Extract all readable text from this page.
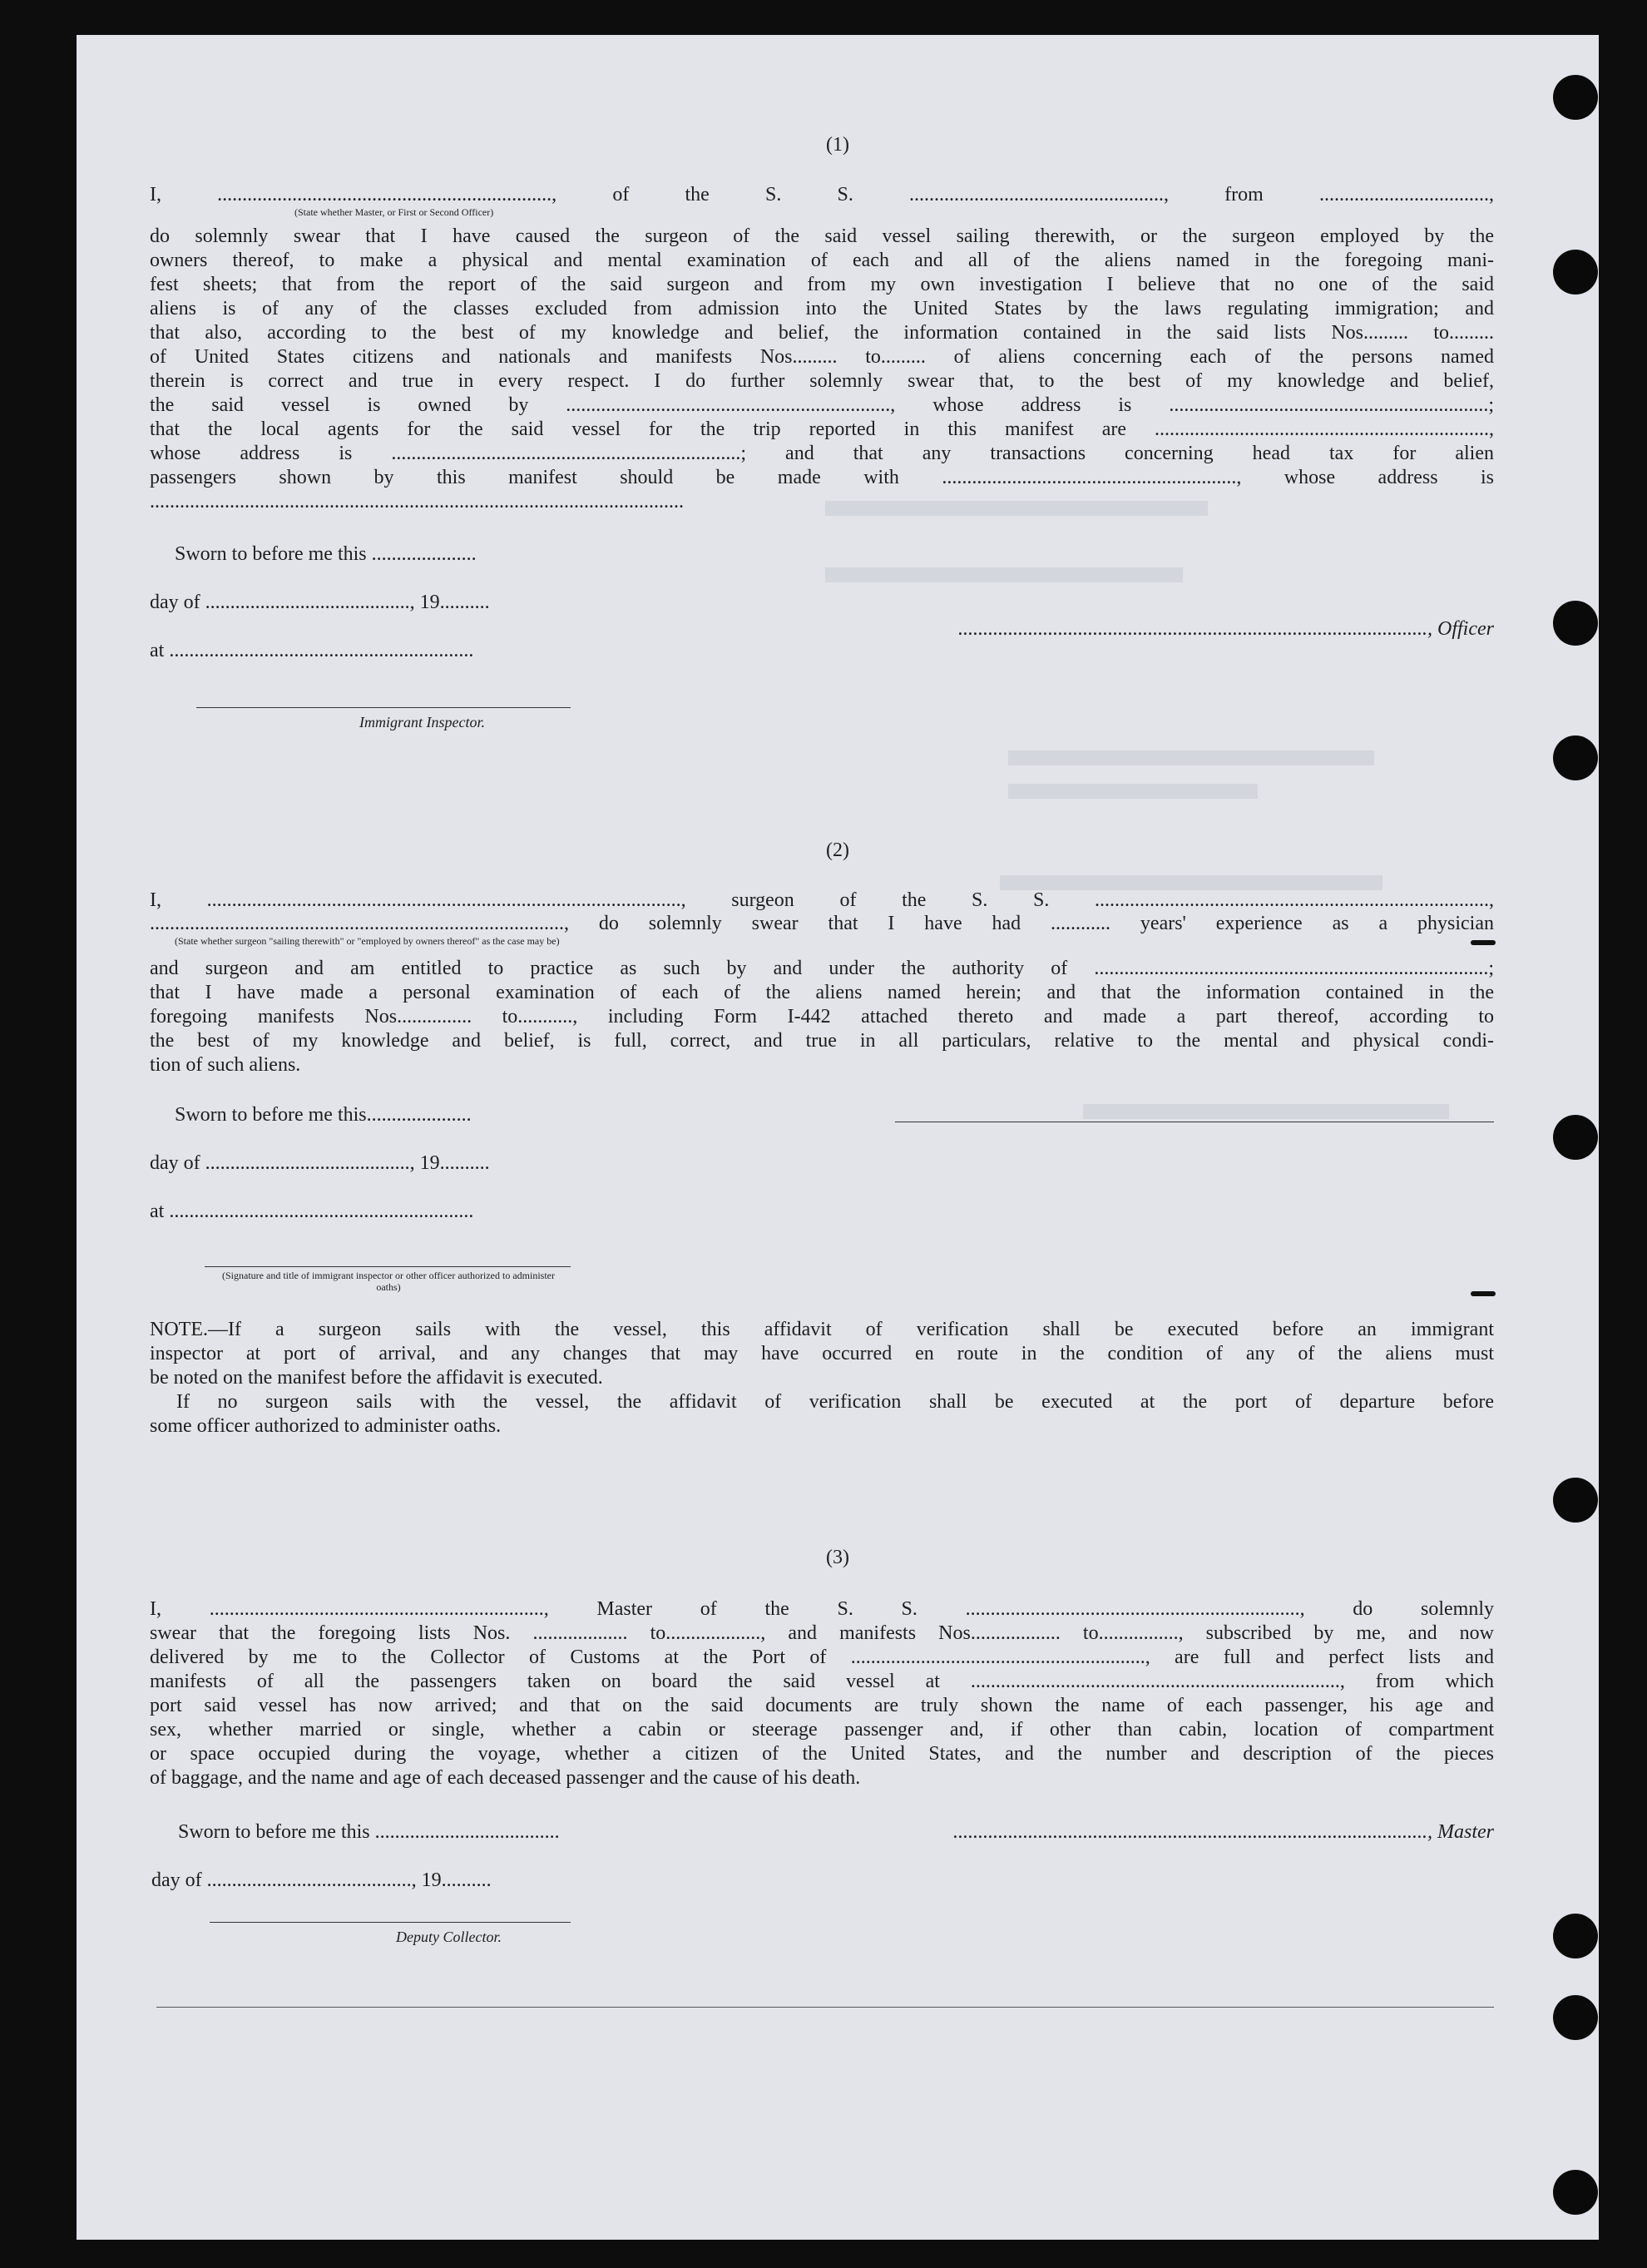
(1)
I, ..................................................................., of the S. S. ..................................................., from ..................................,
(State whether Master, or First or Second Officer)
do solemnly swear that I have caused the surgeon of the said vessel sailing therewith, or the surgeon employed by the
owners thereof, to make a physical and mental examination of each and all of the aliens named in the foregoing mani-
fest sheets; that from the report of the said surgeon and from my own investigation I believe that no one of the said
aliens is of any of the classes excluded from admission into the United States by the laws regulating immigration; and
that also, according to the best of my knowledge and belief, the information contained in the said lists Nos......... to.........
of United States citizens and nationals and manifests Nos......... to......... of aliens concerning each of the persons named
therein is correct and true in every respect. I do further solemnly swear that, to the best of my knowledge and belief,
the said vessel is owned by ................................................................., whose address is ................................................................;
that the local agents for the said vessel for the trip reported in this manifest are ...................................................................,
whose address is ......................................................................; and that any transactions concerning head tax for alien
passengers shown by this manifest should be made with ..........................................................., whose address is
...........................................................................................................
Sworn to before me this .....................
day of ........................................., 19..........
at .............................................................
.............................................................................................., Officer
Immigrant Inspector.
(2)
I, ..............................................................................................., surgeon of the S. S. ...............................................................................,
..................................................................................., do solemnly swear that I have had ............ years' experience as a physician
(State whether surgeon "sailing therewith" or "employed by owners thereof" as the case may be)
and surgeon and am entitled to practice as such by and under the authority of ...............................................................................;
that I have made a personal examination of each of the aliens named herein; and that the information contained in the
foregoing manifests Nos............... to..........., including Form I-442 attached thereto and made a part thereof, according to
the best of my knowledge and belief, is full, correct, and true in all particulars, relative to the mental and physical condi-
tion of such aliens.
Sworn to before me this.....................
day of ........................................., 19..........
at .............................................................
(Signature and title of immigrant inspector or other officer authorized to administer oaths)
NOTE.—If a surgeon sails with the vessel, this affidavit of verification shall be executed before an immigrant
inspector at port of arrival, and any changes that may have occurred en route in the condition of any of the aliens must
be noted on the manifest before the affidavit is executed.
If no surgeon sails with the vessel, the affidavit of verification shall be executed at the port of departure before
some officer authorized to administer oaths.
(3)
I, ..................................................................., Master of the S. S. ..................................................................., do solemnly
swear that the foregoing lists Nos. ................... to..................., and manifests Nos.................. to................, subscribed by me, and now
delivered by me to the Collector of Customs at the Port of ..........................................................., are full and perfect lists and
manifests of all the passengers taken on board the said vessel at .........................................................................., from which
port said vessel has now arrived; and that on the said documents are truly shown the name of each passenger, his age and
sex, whether married or single, whether a cabin or steerage passenger and, if other than cabin, location of compartment
or space occupied during the voyage, whether a citizen of the United States, and the number and description of the pieces
of baggage, and the name and age of each deceased passenger and the cause of his death.
Sworn to before me this .....................................	..............................................................................................., Master
day of ........................................., 19..........
Deputy Collector.
